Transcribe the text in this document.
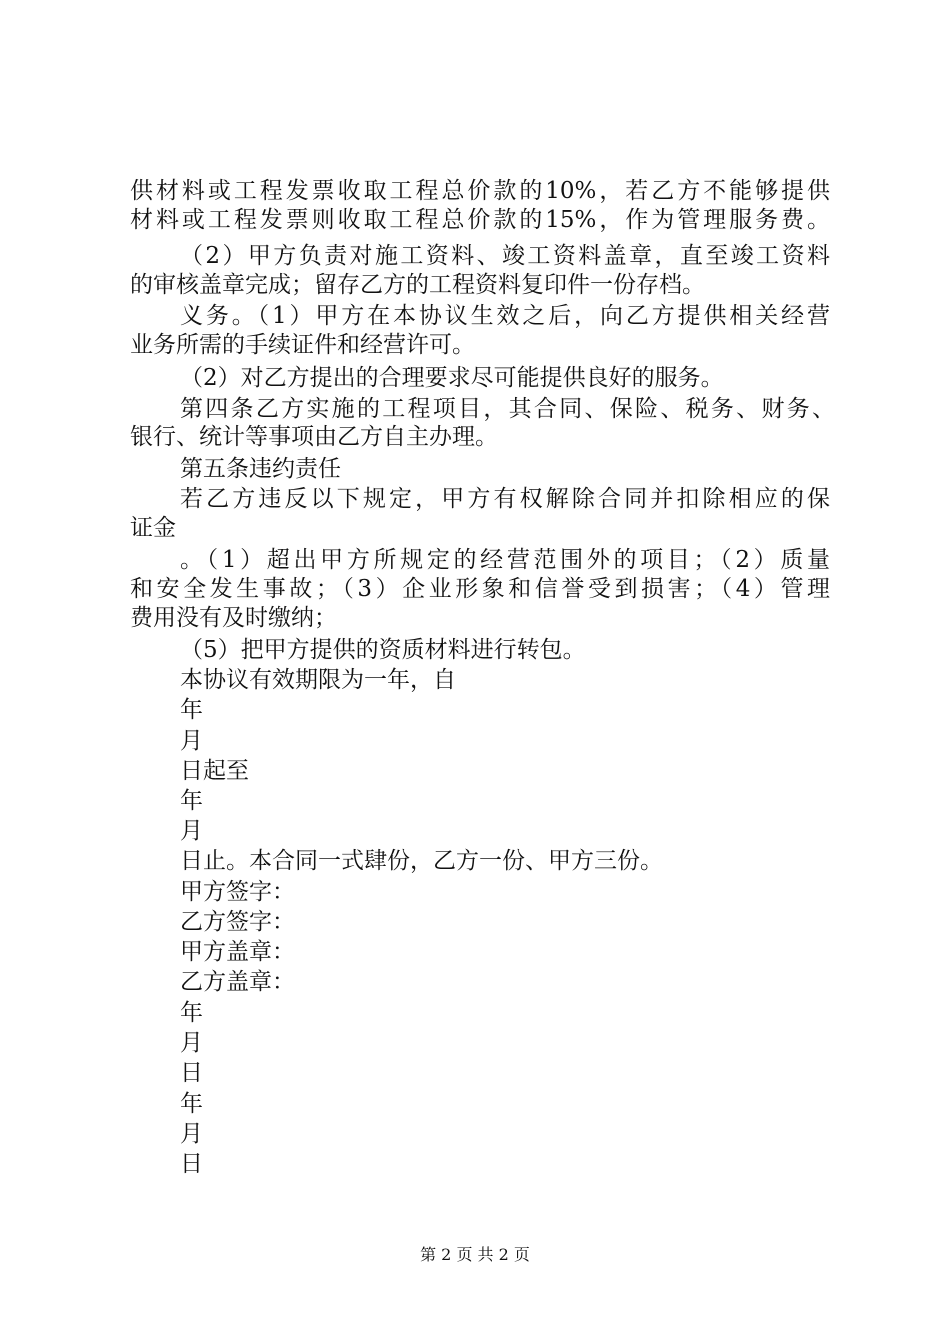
供材料或工程发票收取工程总价款的10%，若乙方不能够提供
材料或工程发票则收取工程总价款的15%，作为管理服务费。
（2）甲方负责对施工资料、竣工资料盖章，直至竣工资料
的审核盖章完成；留存乙方的工程资料复印件一份存档。
义务。（1）甲方在本协议生效之后，向乙方提供相关经营
业务所需的手续证件和经营许可。
（2）对乙方提出的合理要求尽可能提供良好的服务。
第四条乙方实施的工程项目，其合同、保险、税务、财务、
银行、统计等事项由乙方自主办理。
第五条违约责任
若乙方违反以下规定，甲方有权解除合同并扣除相应的保
证金
。（1）超出甲方所规定的经营范围外的项目；（2）质量
和安全发生事故；（3）企业形象和信誉受到损害；（4）管理
费用没有及时缴纳；
（5）把甲方提供的资质材料进行转包。
本协议有效期限为一年，自
年
月
日起至
年
月
日止。本合同一式肆份，乙方一份、甲方三份。
甲方签字：
乙方签字：
甲方盖章：
乙方盖章：
年
月
日
年
月
日
第 2 页 共 2 页
